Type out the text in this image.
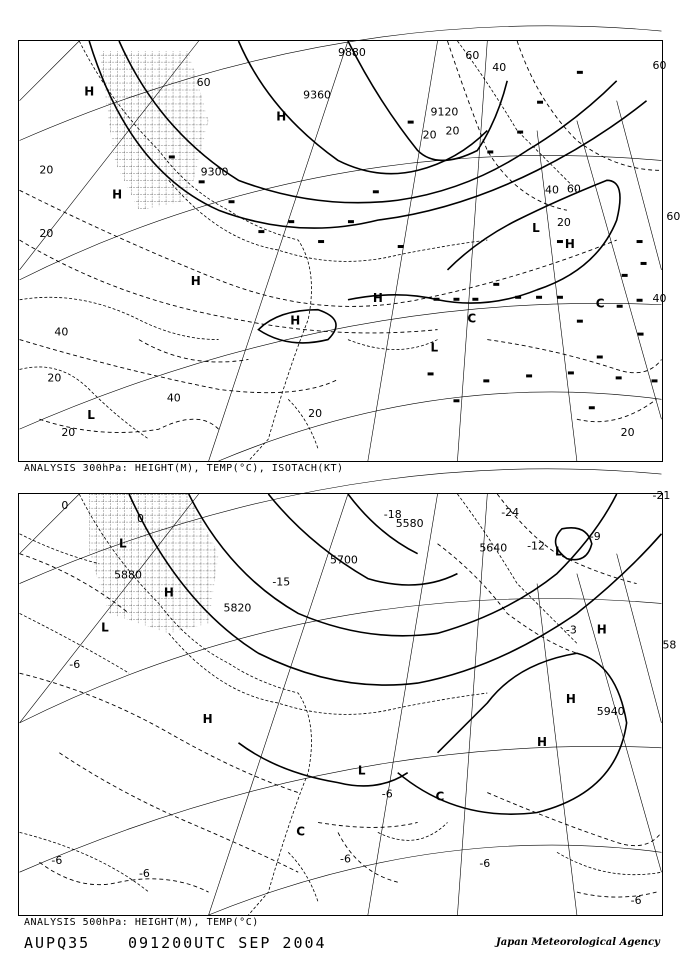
H
H
H
H
H
H
H
C
C
L
L
L
9360
9300
9120
9880
20
20
40
20
40
20
20
20
40 60
40
60
60
40
60
20 20
60
20
ANALYSIS 300hPa: HEIGHT(M), TEMP(°C), ISOTACH(KT)
H
H
H
H
H
L
L
L
L
C
C
5880
5820
5700
5580
5640
5940
-15
-18	-24
-12
-9
-6
-3
-6
-6
-6	-6	-6
-6
0
0
-21
58
ANALYSIS 500hPa: HEIGHT(M), TEMP(°C)
AUPQ35	091200UTC SEP 2004	Japan Meteorological Agency
